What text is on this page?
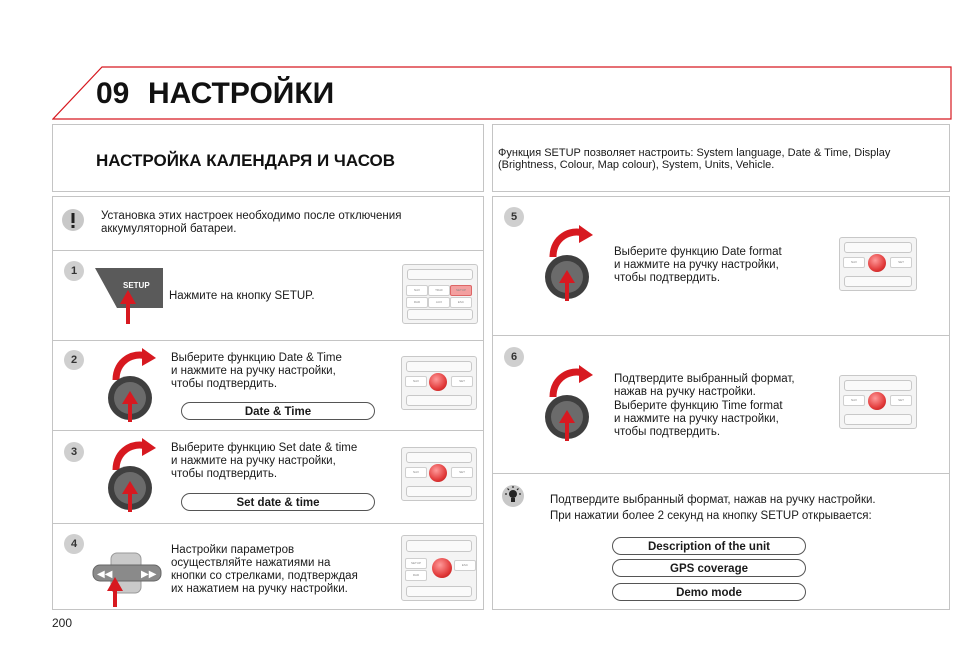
09 НАСТРОЙКИ
НАСТРОЙКА КАЛЕНДАРЯ И ЧАСОВ	Функция SETUP позволяет настроить: System language, Date & Time, Display (Brightness, Colour, Map colour), System, Units, Vehicle.
Установка этих настроек необходимо после отключения аккумуляторной батареи.
1
SETUP
Нажмите на кнопку SETUP.	NAV	TRAF	SETUP
RAD	AUX	ESC
2	Выберите функцию Date & Time
и нажмите на ручку настройки,
чтобы подтвердить.
Date & Time
NAV	SET
3	Выберите функцию Set date & time
и нажмите на ручку настройки,
чтобы подтвердить.
Set date & time
NAV	SET
4
◀◀	▶▶
Настройки параметров
осуществляйте нажатиями на
кнопки со стрелками, подтверждая
их нажатием на ручку настройки.
SETUP
RAD
ESC
5
Выберите функцию Date format
и нажмите на ручку настройки,
чтобы подтвердить.
NAV	SET
6
Подтвердите выбранный формат,
нажав на ручку настройки.
Выберите функцию Time format
и нажмите на ручку настройки,
чтобы подтвердить.
NAV	SET
Подтвердите выбранный формат, нажав на ручку настройки.
При нажатии более 2 секунд на кнопку SETUP открывается:
Description of the unit
GPS coverage
Demo mode
200
